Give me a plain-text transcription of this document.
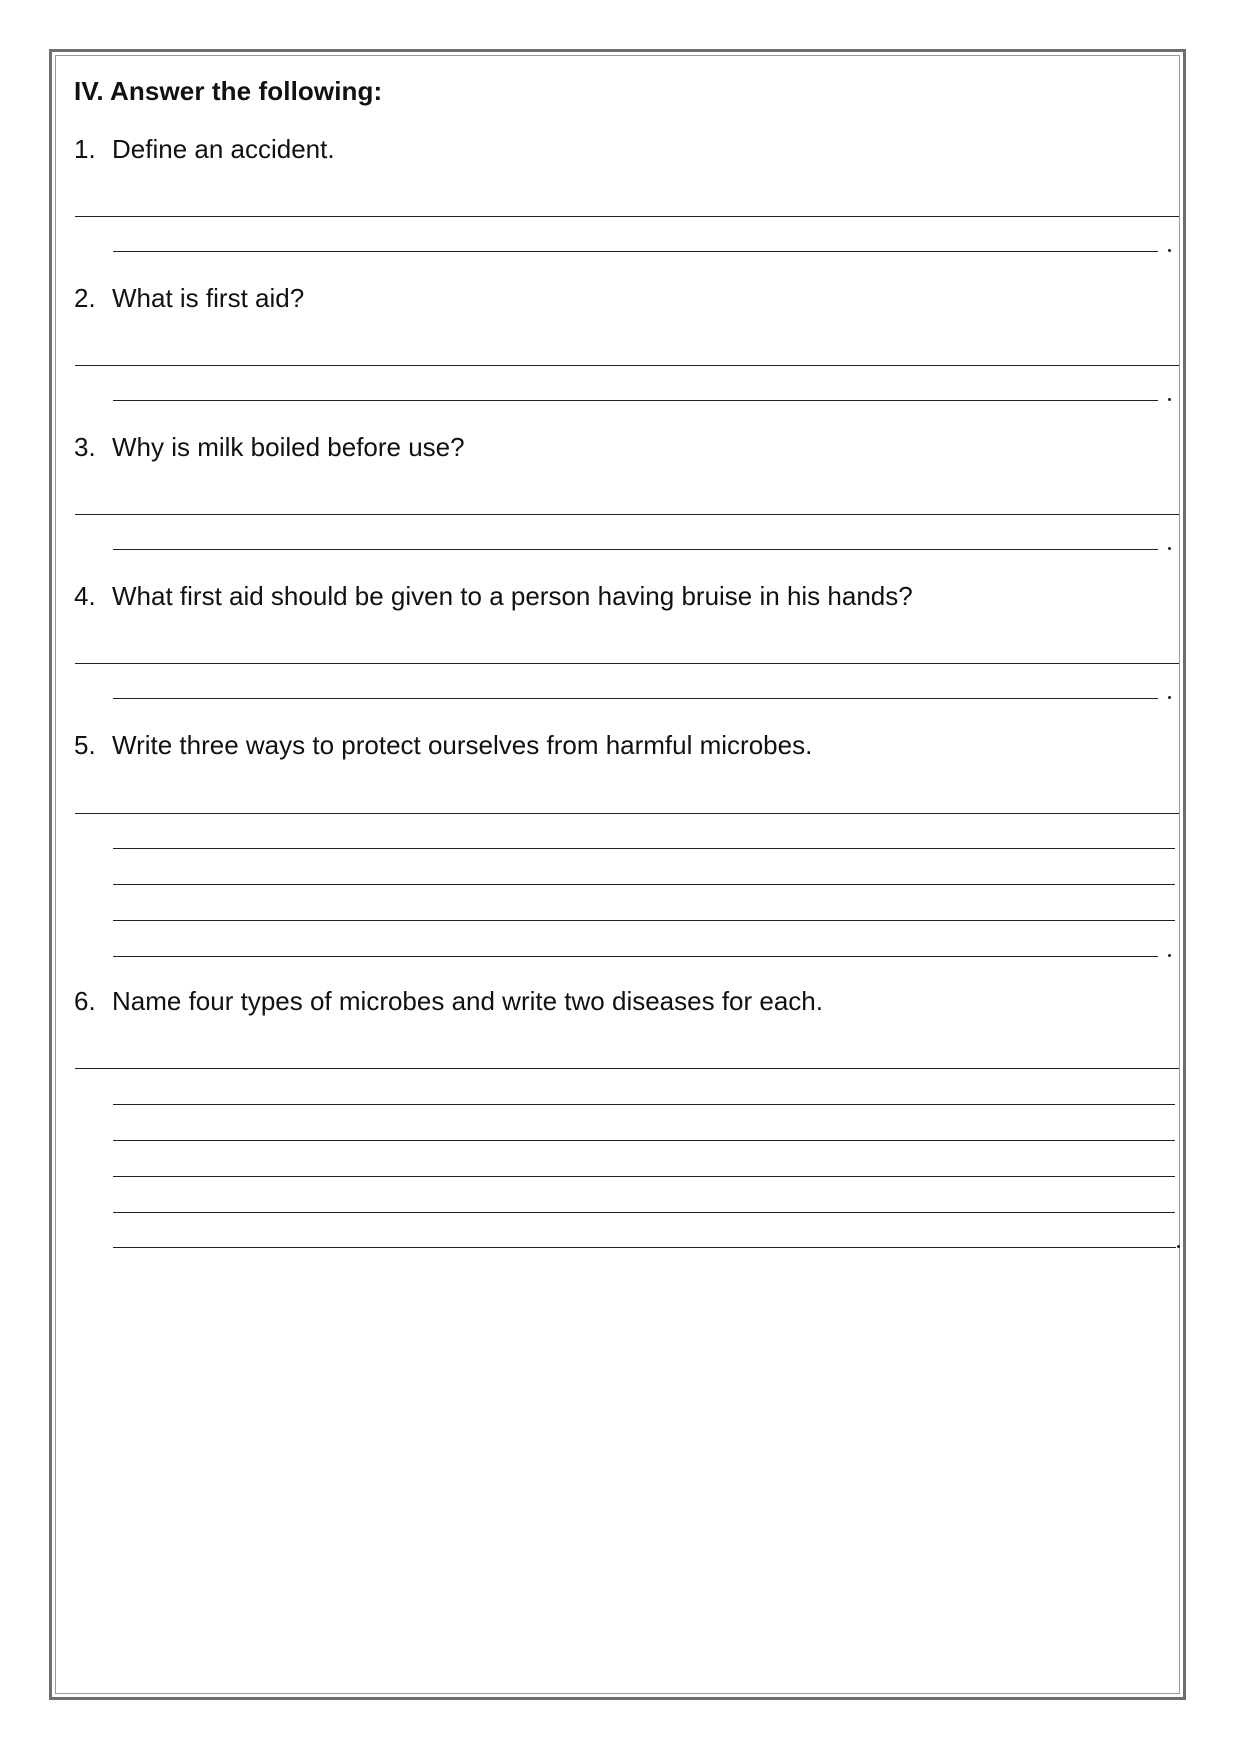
IV. Answer the following:
1. Define an accident.
2. What is first aid?
3. Why is milk boiled before use?
4. What first aid should be given to a person having bruise in his hands?
5. Write three ways to protect ourselves from harmful microbes.
6. Name four types of microbes and write two diseases for each.
